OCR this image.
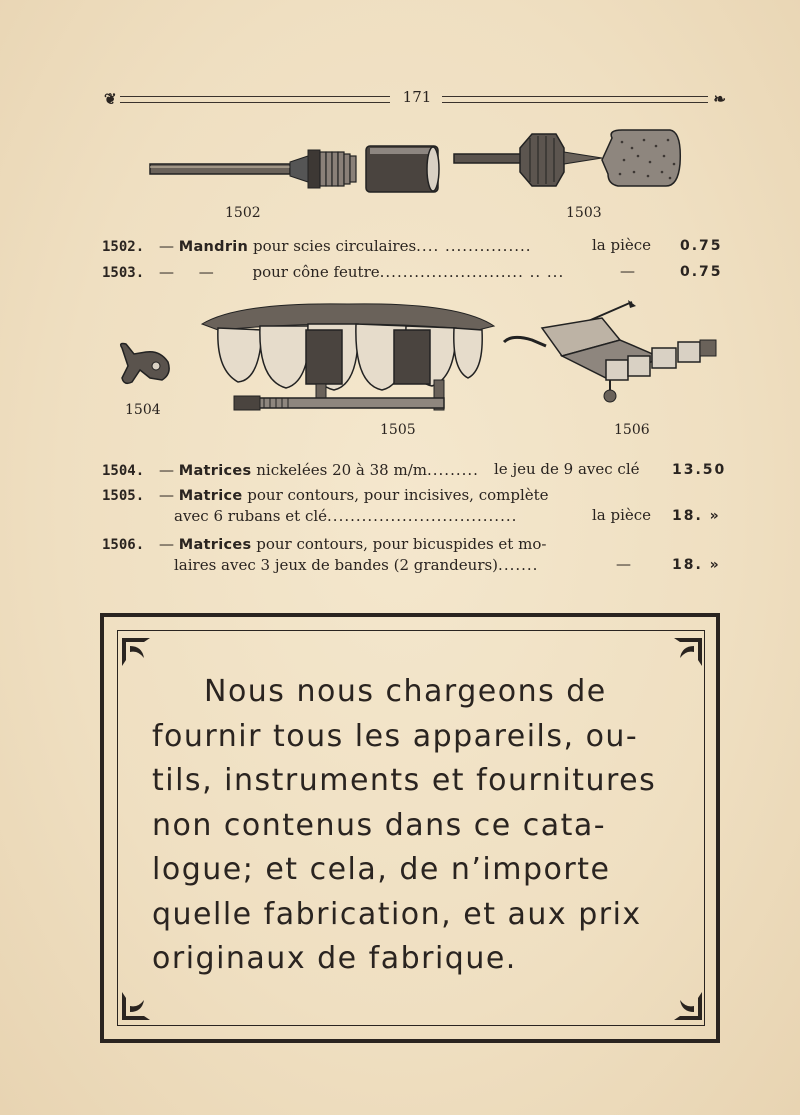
❦	171	❧
1502	1503
1502. — Mandrin pour scies circulaires.... ...............	la pièce 0.75
1503. — —	pour cône feutre......................... .. ...	—	0.75
1504
1505	1506
1504. — Matrices nickelées 20 à 38 m/m......... le jeu de 9 avec clé 13.50
1505. — Matrice pour contours, pour incisives, complète
avec 6 rubans et clé.................................	la pièce 18. »
1506. — Matrices pour contours, pour bicuspides et mo-
laires avec 3 jeux de bandes (2 grandeurs).......	—	18. »
Nous nous chargeons de
fournir tous les appareils, ou-
tils, instruments et fournitures
non contenus dans ce cata-
logue; et cela, de n’importe
quelle fabrication, et aux prix
originaux de fabrique.
